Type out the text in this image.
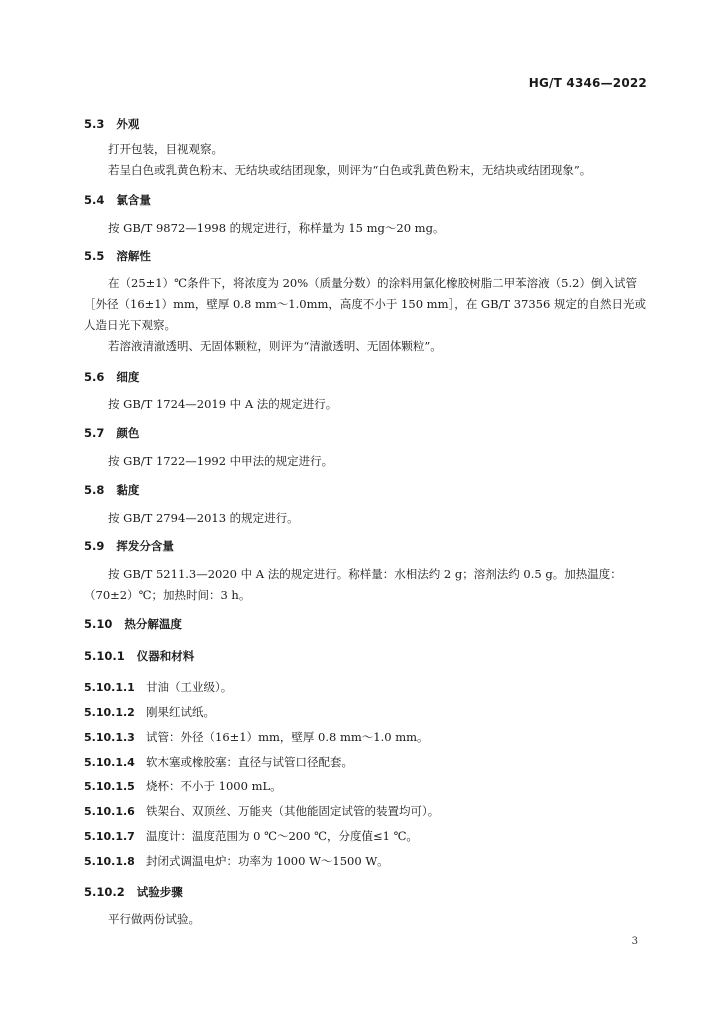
HG/T 4346—2022
5.3 外观
打开包装，目视观察。
若呈白色或乳黄色粉末、无结块或结团现象，则评为“白色或乳黄色粉末，无结块或结团现象”。
5.4 氯含量
按 GB/T 9872—1998 的规定进行，称样量为 15 mg～20 mg。
5.5 溶解性
在（25±1）℃条件下，将浓度为 20%（质量分数）的涂料用氯化橡胶树脂二甲苯溶液（5.2）倒入试管［外径（16±1）mm，壁厚 0.8 mm～1.0mm，高度不小于 150 mm］，在 GB/T 37356 规定的自然日光或人造日光下观察。
若溶液清澈透明、无固体颗粒，则评为“清澈透明、无固体颗粒”。
5.6 细度
按 GB/T 1724—2019 中 A 法的规定进行。
5.7 颜色
按 GB/T 1722—1992 中甲法的规定进行。
5.8 黏度
按 GB/T 2794—2013 的规定进行。
5.9 挥发分含量
按 GB/T 5211.3—2020 中 A 法的规定进行。称样量：水相法约 2 g；溶剂法约 0.5 g。加热温度：（70±2）℃；加热时间：3 h。
5.10 热分解温度
5.10.1 仪器和材料
5.10.1.1 甘油（工业级）。
5.10.1.2 刚果红试纸。
5.10.1.3 试管：外径（16±1）mm，壁厚 0.8 mm～1.0 mm。
5.10.1.4 软木塞或橡胶塞：直径与试管口径配套。
5.10.1.5 烧杯：不小于 1000 mL。
5.10.1.6 铁架台、双顶丝、万能夹（其他能固定试管的装置均可）。
5.10.1.7 温度计：温度范围为 0 ℃～200 ℃，分度值≤1 ℃。
5.10.1.8 封闭式调温电炉：功率为 1000 W～1500 W。
5.10.2 试验步骤
平行做两份试验。
3
